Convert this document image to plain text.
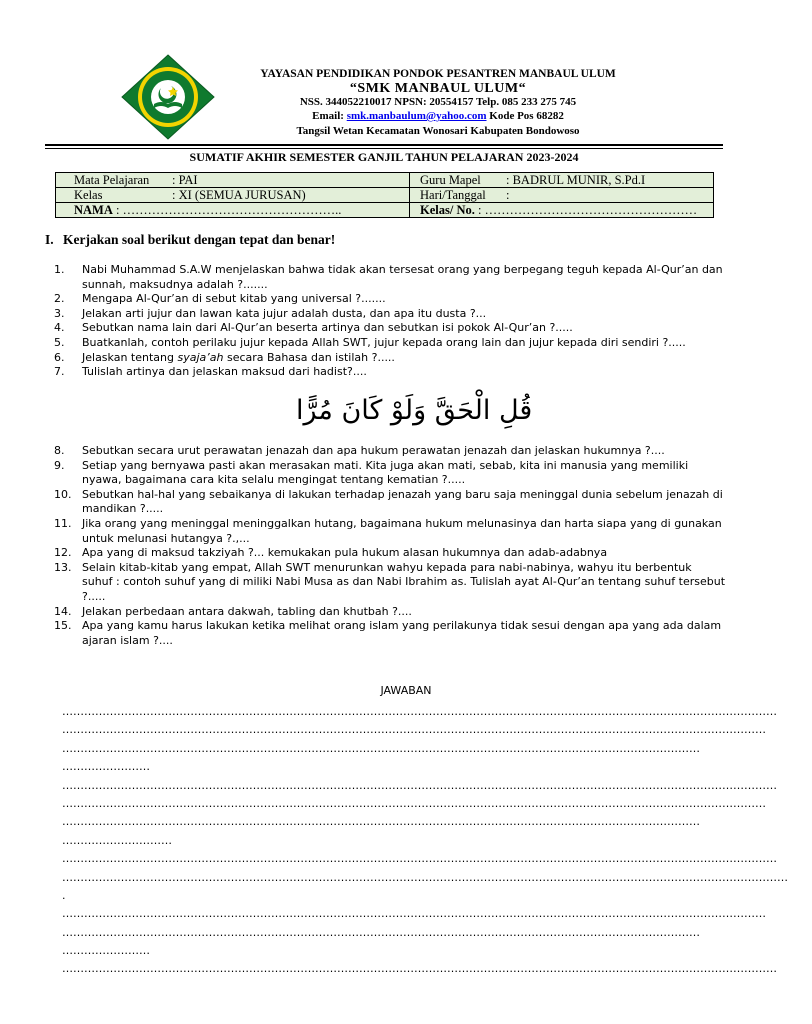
YAYASAN PENDIDIKAN PONDOK PESANTREN MANBAUL ULUM
“SMK MANBAUL ULUM“
NSS. 344052210017 NPSN: 20554157 Telp. 085 233 275 745
Email: smk.manbaulum@yahoo.com Kode Pos 68282
Tangsil Wetan Kecamatan Wonosari Kabupaten Bondowoso
SUMATIF AKHIR SEMESTER GANJIL TAHUN PELAJARAN 2023-2024
Mata Pelajaran : PAI	Guru Mapel : BADRUL MUNIR, S.Pd.I
Kelas : XI (SEMUA JURUSAN)	Hari/Tanggal :
NAMA : ……………………………………………..	Kelas/ No. : ……………………………………………
I. Kerjakan soal berikut dengan tepat dan benar!
1.	Nabi Muhammad S.A.W menjelaskan bahwa tidak akan tersesat orang yang berpegang teguh kepada Al-Qur’an dan sunnah, maksudnya adalah ?.......
2.	Mengapa Al-Qur’an di sebut kitab yang universal ?.......
3.	Jelakan arti jujur dan lawan kata jujur adalah dusta, dan apa itu dusta ?...
4.	Sebutkan nama lain dari Al-Qur’an beserta artinya dan sebutkan isi pokok Al-Qur’an ?.....
5.	Buatkanlah, contoh perilaku jujur kepada Allah SWT, jujur kepada orang lain dan jujur kepada diri sendiri ?.....
6.	Jelaskan tentang syaja’ah secara Bahasa dan istilah ?.....
7.	Tulislah artinya dan jelaskan maksud dari hadist?....
قُلِ الْحَقَّ وَلَوْ كَانَ مُرًّا
8.	Sebutkan secara urut perawatan jenazah dan apa hukum perawatan jenazah dan jelaskan hukumnya ?....
9.	Setiap yang bernyawa pasti akan merasakan mati. Kita juga akan mati, sebab, kita ini manusia yang memiliki nyawa, bagaimana cara kita selalu mengingat tentang kematian ?.....
10. Sebutkan hal-hal yang sebaikanya di lakukan terhadap jenazah yang baru saja meninggal dunia sebelum jenazah di mandikan ?.....
11. Jika orang yang meninggal meninggalkan hutang, bagaimana hukum melunasinya dan harta siapa yang di gunakan untuk melunasi hutangya ?.,...
12. Apa yang di maksud takziyah ?... kemukakan pula hukum alasan hukumnya dan adab-adabnya
13. Selain kitab-kitab yang empat, Allah SWT menurunkan wahyu kepada para nabi-nabinya, wahyu itu berbentuk suhuf : contoh suhuf yang di miliki Nabi Musa as dan Nabi Ibrahim as. Tulislah ayat Al-Qur’an tentang suhuf tersebut ?.....
14. Jelakan perbedaan antara dakwah, tabling dan khutbah ?....
15. Apa yang kamu harus lakukan ketika melihat orang islam yang perilakunya tidak sesui dengan apa yang ada dalam ajaran islam ?....
JAWABAN
……………………………………………………………………………………………………………………………………………………………………………
…………………………………………………………………………………………………………………………………………………………………………
…………………………………………………………………………………………………………………………………………………………
……………………
……………………………………………………………………………………………………………………………………………………………………………
…………………………………………………………………………………………………………………………………………………………………………
…………………………………………………………………………………………………………………………………………………………
…………………………
……………………………………………………………………………………………………………………………………………………………………………
………………………………………………………………………………………………………………………………………………………………………………
.
…………………………………………………………………………………………………………………………………………………………………………
…………………………………………………………………………………………………………………………………………………………
……………………
……………………………………………………………………………………………………………………………………………………………………………
